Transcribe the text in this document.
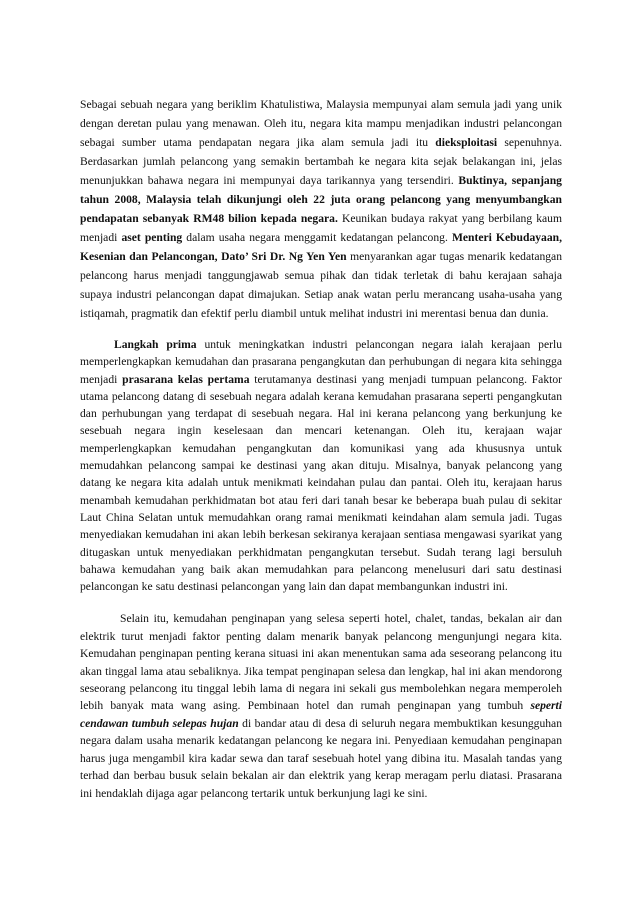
Sebagai sebuah negara yang beriklim Khatulistiwa, Malaysia mempunyai alam semula jadi yang unik dengan deretan pulau yang menawan. Oleh itu, negara kita mampu menjadikan industri pelancongan sebagai sumber utama pendapatan negara jika alam semula jadi itu dieksploitasi sepenuhnya. Berdasarkan jumlah pelancong yang semakin bertambah ke negara kita sejak belakangan ini, jelas menunjukkan bahawa negara ini mempunyai daya tarikannya yang tersendiri. Buktinya, sepanjang tahun 2008, Malaysia telah dikunjungi oleh 22 juta orang pelancong yang menyumbangkan pendapatan sebanyak RM48 bilion kepada negara. Keunikan budaya rakyat yang berbilang kaum menjadi aset penting dalam usaha negara menggamit kedatangan pelancong. Menteri Kebudayaan, Kesenian dan Pelancongan, Dato’ Sri Dr. Ng Yen Yen menyarankan agar tugas menarik kedatangan pelancong harus menjadi tanggungjawab semua pihak dan tidak terletak di bahu kerajaan sahaja supaya industri pelancongan dapat dimajukan. Setiap anak watan perlu merancang usaha-usaha yang istiqamah, pragmatik dan efektif perlu diambil untuk melihat industri ini merentasi benua dan dunia.

Langkah prima untuk meningkatkan industri pelancongan negara ialah kerajaan perlu memperlengkapkan kemudahan dan prasarana pengangkutan dan perhubungan di negara kita sehingga menjadi prasarana kelas pertama terutamanya destinasi yang menjadi tumpuan pelancong. Faktor utama pelancong datang di sesebuah negara adalah kerana kemudahan prasarana seperti pengangkutan dan perhubungan yang terdapat di sesebuah negara. Hal ini kerana pelancong yang berkunjung ke sesebuah negara ingin keselesaan dan mencari ketenangan. Oleh itu, kerajaan wajar memperlengkapkan kemudahan pengangkutan dan komunikasi yang ada khususnya untuk memudahkan pelancong sampai ke destinasi yang akan dituju. Misalnya, banyak pelancong yang datang ke negara kita adalah untuk menikmati keindahan pulau dan pantai. Oleh itu, kerajaan harus menambah kemudahan perkhidmatan bot atau feri dari tanah besar ke beberapa buah pulau di sekitar Laut China Selatan untuk memudahkan orang ramai menikmati keindahan alam semula jadi. Tugas menyediakan kemudahan ini akan lebih berkesan sekiranya kerajaan sentiasa mengawasi syarikat yang ditugaskan untuk menyediakan perkhidmatan pengangkutan tersebut. Sudah terang lagi bersuluh bahawa kemudahan yang baik akan memudahkan para pelancong menelusuri dari satu destinasi pelancongan ke satu destinasi pelancongan yang lain dan dapat membangunkan industri ini.

Selain itu, kemudahan penginapan yang selesa seperti hotel, chalet, tandas, bekalan air dan elektrik turut menjadi faktor penting dalam menarik banyak pelancong mengunjungi negara kita. Kemudahan penginapan penting kerana situasi ini akan menentukan sama ada seseorang pelancong itu akan tinggal lama atau sebaliknya. Jika tempat penginapan selesa dan lengkap, hal ini akan mendorong seseorang pelancong itu tinggal lebih lama di negara ini sekali gus membolehkan negara memperoleh lebih banyak mata wang asing. Pembinaan hotel dan rumah penginapan yang tumbuh seperti cendawan tumbuh selepas hujan di bandar atau di desa di seluruh negara membuktikan kesungguhan negara dalam usaha menarik kedatangan pelancong ke negara ini. Penyediaan kemudahan penginapan harus juga mengambil kira kadar sewa dan taraf sesebuah hotel yang dibina itu. Masalah tandas yang terhad dan berbau busuk selain bekalan air dan elektrik yang kerap meragam perlu diatasi. Prasarana ini hendaklah dijaga agar pelancong tertarik untuk berkunjung lagi ke sini.
